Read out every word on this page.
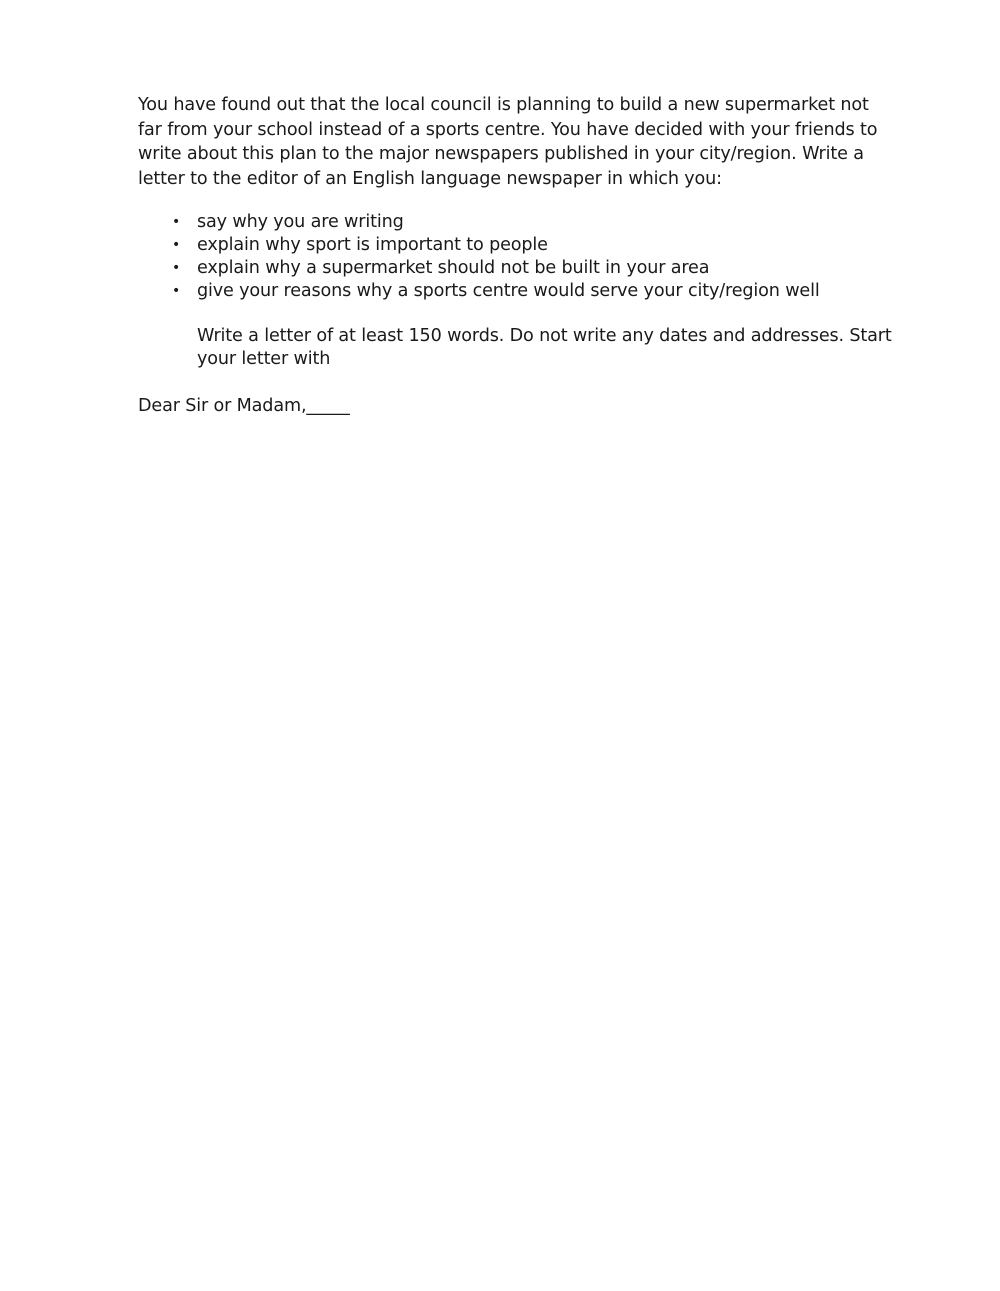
You have found out that the local council is planning to build a new supermarket not

far from your school instead of a sports centre. You have decided with your friends to

write about this plan to the major newspapers published in your city/region. Write a

letter to the editor of an English language newspaper in which you:

• say why you are writing
• explain why sport is important to people
• explain why a supermarket should not be built in your area
• give your reasons why a sports centre would serve your city/region well

Write a letter of at least 150 words. Do not write any dates and addresses. Start

your letter with

Dear Sir or Madam,_____
